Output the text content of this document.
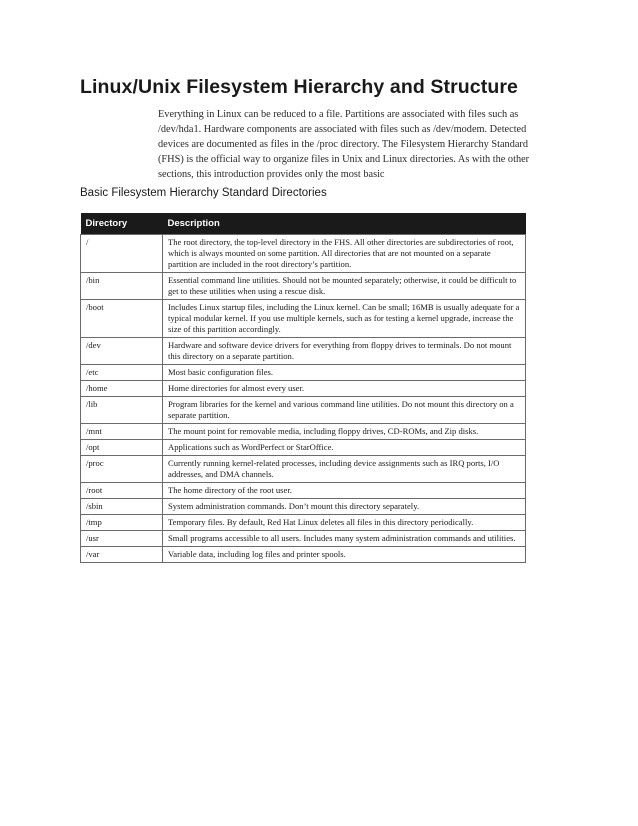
Linux/Unix Filesystem Hierarchy and Structure

Everything in Linux can be reduced to a file. Partitions are associated with files such as /dev/hda1. Hardware components are associated with files such as /dev/modem. Detected devices are documented as files in the /proc directory. The Filesystem Hierarchy Standard (FHS) is the official way to organize files in Unix and Linux directories. As with the other sections, this introduction provides only the most basic

Basic Filesystem Hierarchy Standard Directories

Directory	Description
/	The root directory, the top-level directory in the FHS. All other directories are subdirectories of root, which is always mounted on some partition. All directories that are not mounted on a separate partition are included in the root directory’s partition.
/bin	Essential command line utilities. Should not be mounted separately; otherwise, it could be difficult to get to these utilities when using a rescue disk.
/boot	Includes Linux startup files, including the Linux kernel. Can be small; 16MB is usually adequate for a typical modular kernel. If you use multiple kernels, such as for testing a kernel upgrade, increase the size of this partition accordingly.
/dev	Hardware and software device drivers for everything from floppy drives to terminals. Do not mount this directory on a separate partition.
/etc	Most basic configuration files.
/home	Home directories for almost every user.
/lib	Program libraries for the kernel and various command line utilities. Do not mount this directory on a separate partition.
/mnt	The mount point for removable media, including floppy drives, CD-ROMs, and Zip disks.
/opt	Applications such as WordPerfect or StarOffice.
/proc	Currently running kernel-related processes, including device assignments such as IRQ ports, I/O addresses, and DMA channels.
/root	The home directory of the root user.
/sbin	System administration commands. Don’t mount this directory separately.
/tmp	Temporary files. By default, Red Hat Linux deletes all files in this directory periodically.
/usr	Small programs accessible to all users. Includes many system administration commands and utilities.
/var	Variable data, including log files and printer spools.
